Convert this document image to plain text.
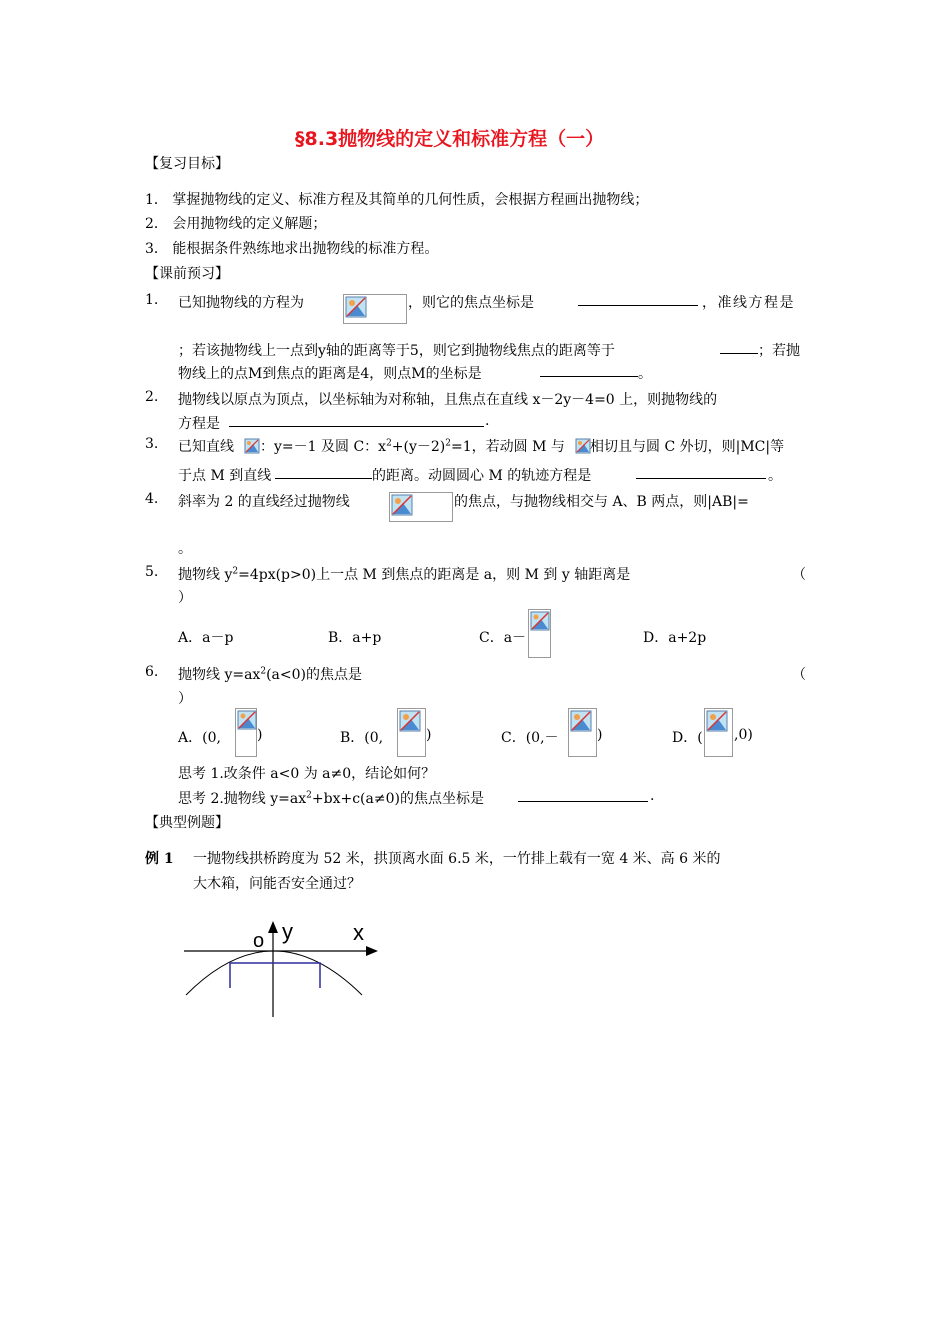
§8.3抛物线的定义和标准方程（一）
【复习目标】
1． 掌握抛物线的定义、标准方程及其简单的几何性质，会根据方程画出抛物线；
2． 会用抛物线的定义解题；
3． 能根据条件熟练地求出抛物线的标准方程。
【课前预习】
1. 已知抛物线的方程为	，则它的焦点坐标是	，准线方程是
；若该抛物线上一点到y轴的距离等于5，则它到抛物线焦点的距离等于	；若抛
物线上的点M到焦点的距离是4，则点M的坐标是	。
2. 抛物线以原点为顶点，以坐标轴为对称轴，且焦点在直线 x－2y－4=0 上，则抛物线的
方程是	.
3. 已知直线 ：y=－1 及圆 C：$x^2+(y-2)^2=1$，若动圆 M 与 相切且与圆 C 外切，则|MC|等
于点 M 到直线	的距离。动圆圆心 M 的轨迹方程是	。
4. 斜率为 2 的直线经过抛物线	的焦点，与抛物线相交与 A、B 两点，则|AB|=
。
5. 抛物线 $y^2=4px(p>0)$上一点 M 到焦点的距离是 a，则 M 到 y 轴距离是	（
）
A．a－p	B．a+p	C．a－	D．a+2p
6. 抛物线 $y=ax^2(a<0)$的焦点是	（
）
A．(0,	)	B．(0,	)	C．(0,－	)	D．( ,0)
思考 1.改条件 a<0 为 a≠0，结论如何？
思考 2.抛物线 $y=ax^2+bx+c(a\ne 0)$的焦点坐标是	.
【典型例题】
例 1 一抛物线拱桥跨度为 52 米，拱顶离水面 6.5 米，一竹排上载有一宽 4 米、高 6 米的
大木箱，问能否安全通过？
o y	x
